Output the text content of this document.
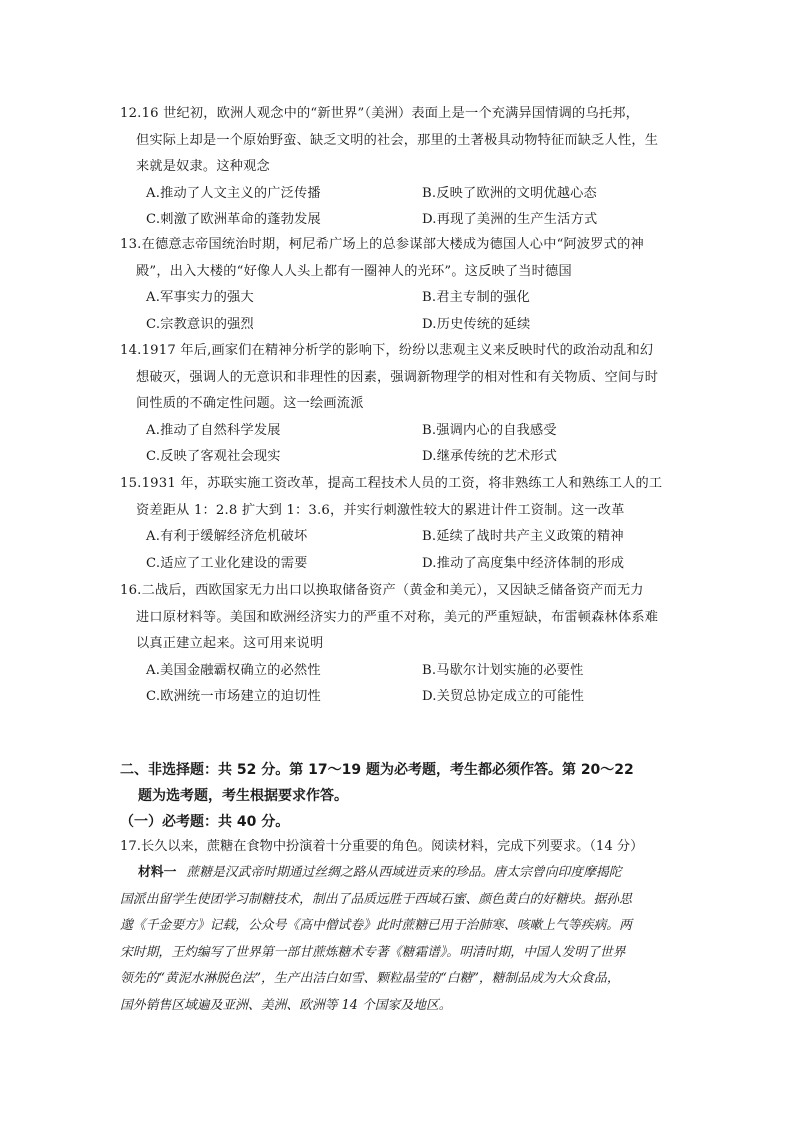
12.16 世纪初，欧洲人观念中的“新世界”（美洲）表面上是一个充满异国情调的乌托邦，
但实际上却是一个原始野蛮、缺乏文明的社会，那里的土著极具动物特征而缺乏人性，生
来就是奴隶。这种观念
A.推动了人文主义的广泛传播	B.反映了欧洲的文明优越心态
C.刺激了欧洲革命的蓬勃发展	D.再现了美洲的生产生活方式
13.在德意志帝国统治时期，柯尼希广场上的总参谋部大楼成为德国人心中“阿波罗式的神
殿”，出入大楼的“好像人人头上都有一圈神人的光环”。这反映了当时德国
A.军事实力的强大	B.君主专制的强化
C.宗教意识的强烈	D.历史传统的延续
14.1917 年后,画家们在精神分析学的影响下，纷纷以悲观主义来反映时代的政治动乱和幻
想破灭，强调人的无意识和非理性的因素，强调新物理学的相对性和有关物质、空间与时
间性质的不确定性问题。这一绘画流派
A.推动了自然科学发展	B.强调内心的自我感受
C.反映了客观社会现实	D.继承传统的艺术形式
15.1931 年，苏联实施工资改革，提高工程技术人员的工资，将非熟练工人和熟练工人的工
资差距从 1：2.8 扩大到 1：3.6，并实行刺激性较大的累进计件工资制。这一改革
A.有利于缓解经济危机破坏	B.延续了战时共产主义政策的精神
C.适应了工业化建设的需要	D.推动了高度集中经济体制的形成
16.二战后，西欧国家无力出口以换取储备资产（黄金和美元），又因缺乏储备资产而无力
进口原材料等。美国和欧洲经济实力的严重不对称，美元的严重短缺，布雷顿森林体系难
以真正建立起来。这可用来说明
A.美国金融霸权确立的必然性	B.马歇尔计划实施的必要性
C.欧洲统一市场建立的迫切性	D.关贸总协定成立的可能性
二、非选择题：共 52 分。第 17～19 题为必考题，考生都必须作答。第 20～22
题为选考题，考生根据要求作答。
（一）必考题：共 40 分。
17.长久以来，蔗糖在食物中扮演着十分重要的角色。阅读材料，完成下列要求。（14 分）
材料一 蔗糖是汉武帝时期通过丝绸之路从西域进贡来的珍品。唐太宗曾向印度摩揭陀
国派出留学生使团学习制糖技术，制出了品质远胜于西域石蜜、颜色黄白的好糖块。据孙思
邈《千金要方》记载，公众号《高中僧试卷》此时蔗糖已用于治肺寒、咳嗽上气等疾病。两
宋时期，王灼编写了世界第一部甘蔗炼糖术专著《糖霜谱》。明清时期，中国人发明了世界
领先的“黄泥水淋脱色法”，生产出洁白如雪、颗粒晶莹的“白糖”，糖制品成为大众食品，
国外销售区域遍及亚洲、美洲、欧洲等 14 个国家及地区。
